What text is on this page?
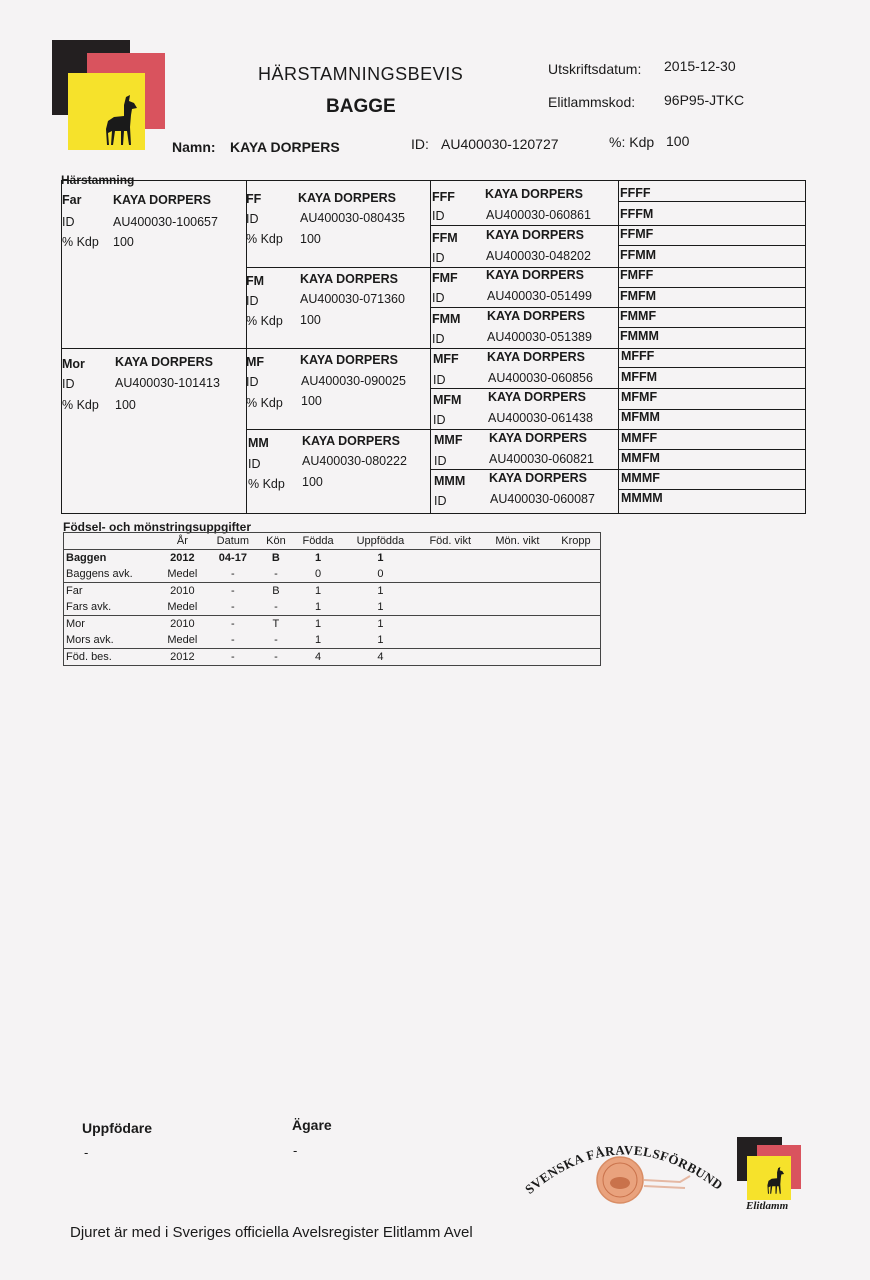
HÄRSTAMNINGSBEVIS
BAGGE
Utskriftsdatum: 2015-12-30
Elitlammskod: 96P95-JTKC
Namn: KAYA DORPERS	ID: AU400030-120727	%: Kdp 100
Härstamning
Far	KAYA DORPERS
ID	AU400030-100657
% Kdp 100
Mor KAYA DORPERS
ID	AU400030-101413
% Kdp 100
FF	KAYA DORPERS
ID	AU400030-080435
% Kdp 100
FM	KAYA DORPERS
ID	AU400030-071360
% Kdp 100
MF	KAYA DORPERS
ID	AU400030-090025
% Kdp 100
MM	KAYA DORPERS
ID	AU400030-080222
% Kdp 100
FFF KAYA DORPERS
ID	AU400030-060861
FFM KAYA DORPERS
ID	AU400030-048202
FMF KAYA DORPERS
ID	AU400030-051499
FMM KAYA DORPERS
ID	AU400030-051389
MFF KAYA DORPERS
ID	AU400030-060856
MFM KAYA DORPERS
ID	AU400030-061438
MMF KAYA DORPERS
ID	AU400030-060821
MMM KAYA DORPERS
ID	AU400030-060087
FFFF
FFFM
FFMF
FFMM
FMFF
FMFM
FMMF
FMMM
MFFF
MFFM
MFMF
MFMM
MMFF
MMFM
MMMF
MMMM
Födsel- och mönstringsuppgifter
	År	Datum	Kön	Födda	Uppfödda	Föd. vikt	Mön. vikt	Kropp
Baggen	2012	04-17	B	1	1			
Baggens avk.	Medel	-	-	0	0			
Far	2010	-	B	1	1			
Fars avk.	Medel	-	-	1	1			
Mor	2010	-	T	1	1			
Mors avk.	Medel	-	-	1	1			
Föd. bes.	2012	-	-	4	4			
Uppfödare
-
Ägare
-
SVENSKA FÅRAVELSFÖRBUND
Elitlamm
Djuret är med i Sveriges officiella Avelsregister Elitlamm Avel
